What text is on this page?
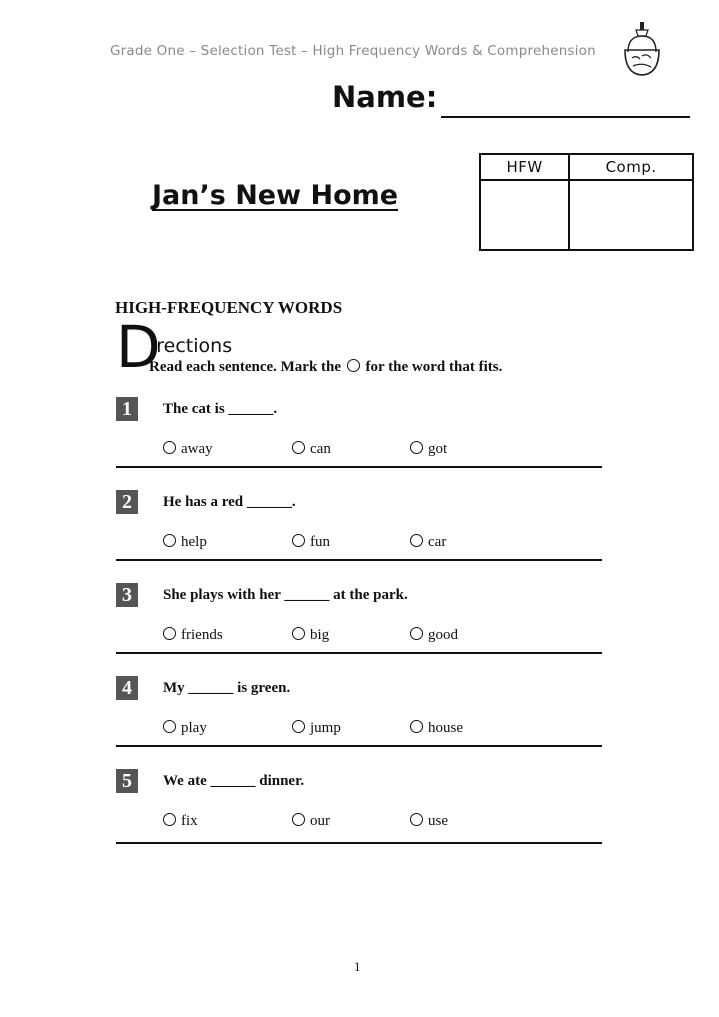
Grade One – Selection Test – High Frequency Words & Comprehension
Name:
Jan’s New Home
HFW	Comp.

HIGH-FREQUENCY WORDS
D
irections
Read each sentence. Mark the for the word that fits.
1	The cat is ______.
away	can	got
2	He has a red ______.
help	fun	car
3	She plays with her ______ at the park.
friends	big	good
4	My ______ is green.
play	jump	house
5	We ate ______ dinner.
fix	our	use
1
